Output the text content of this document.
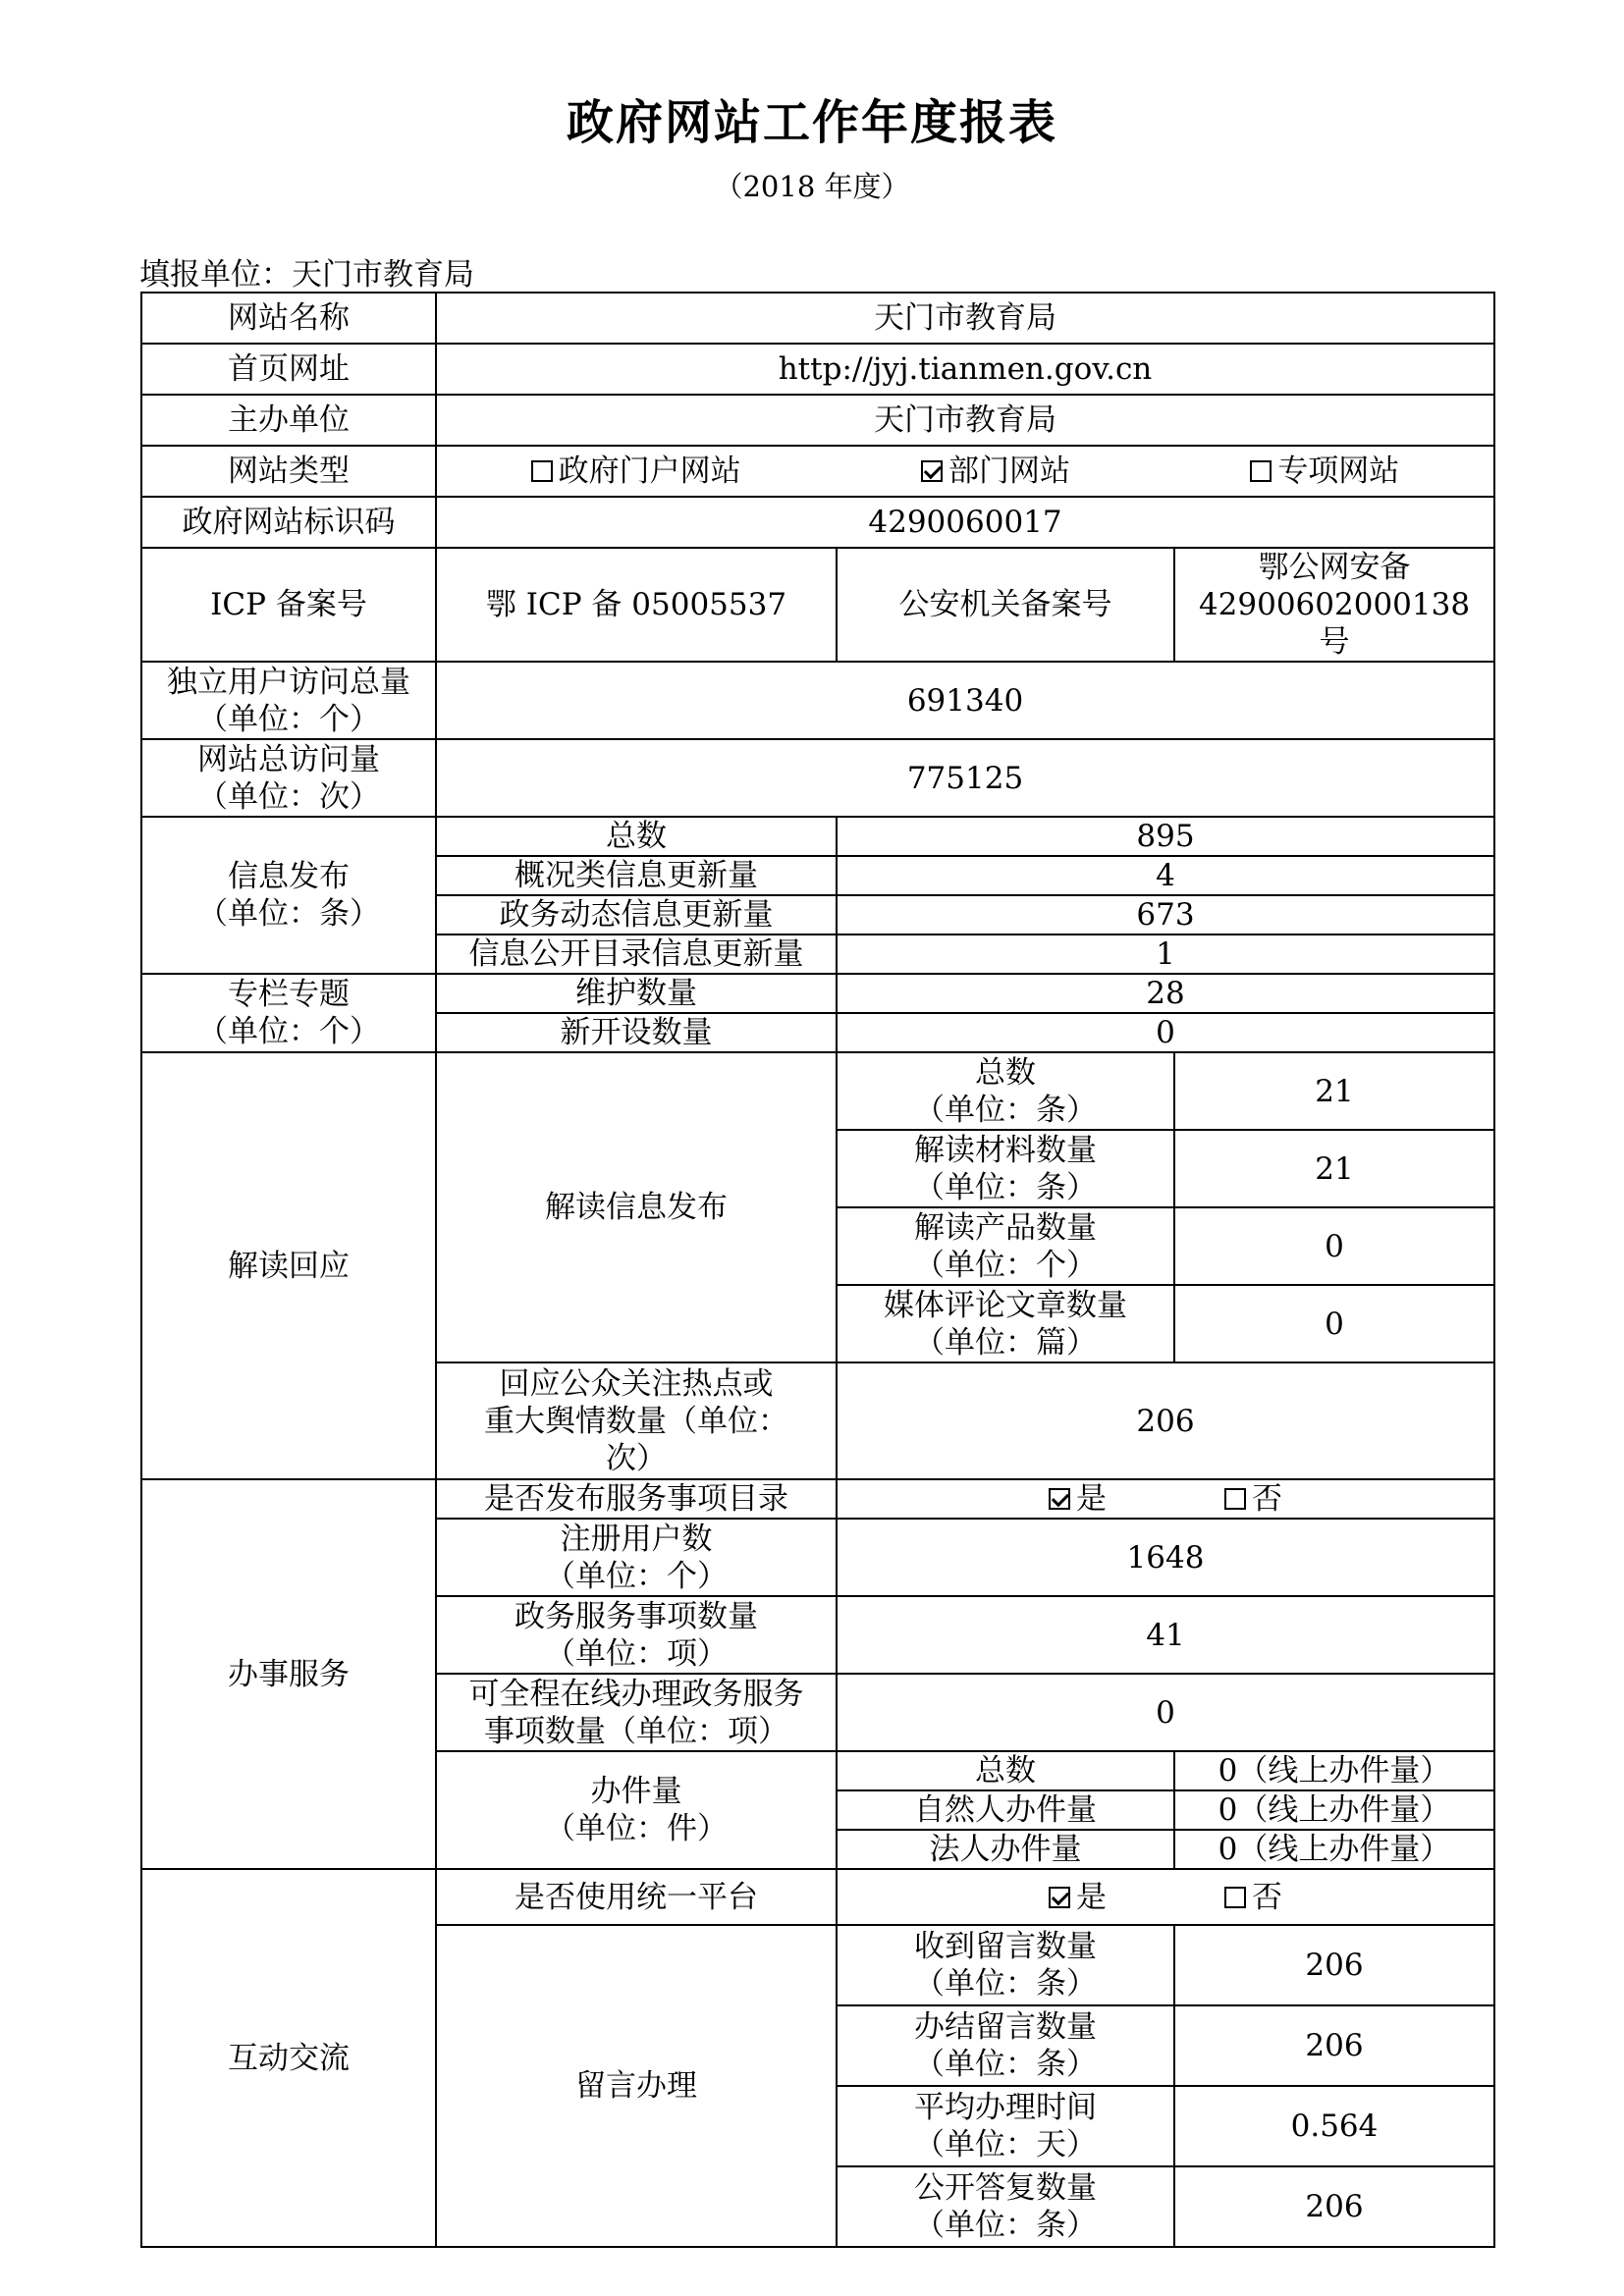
政府网站工作年度报表
（2018 年度）
填报单位：天门市教育局
网站名称	天门市教育局		
首页网址	http://jyj.tianmen.gov.cn		
主办单位	天门市教育局		
网站类型	政府门户网站 部门网站 专项网站		

政府网站标识码	4290060017		
ICP 备案号	鄂 ICP 备 05005537	公安机关备案号	鄂公网安备
42900602000138 号

独立用户访问总量
（单位：个）	691340		

网站总访问量
（单位：次）	775125		

信息发布
（单位：条）	总数	895	
	概况类信息更新量	4	
	政务动态信息更新量	673	
	信息公开目录信息更新量	1	

专栏专题
（单位：个）	维护数量	28	
	新开设数量	0	
解读回应	解读信息发布	总数
（单位：条）	21

		解读材料数量
（单位：条）	21

		解读产品数量
（单位：个）	0

		媒体评论文章数量
（单位：篇）	0

	回应公众关注热点或
重大舆情数量（单位：
次）	206	
办事服务	是否发布服务事项目录	是 否	

	注册用户数
（单位：个）	1648	

	政务服务事项数量
（单位：项）	41	

	可全程在线办理政务服务
事项数量（单位：项）	0	

	办件量
（单位：件）	总数	0（线上办件量）
		自然人办件量	0（线上办件量）
		法人办件量	0（线上办件量）
互动交流	是否使用统一平台	是 否	

	留言办理	收到留言数量
（单位：条）	206

		办结留言数量
（单位：条）	206

		平均办理时间
（单位：天）	0.564

		公开答复数量
（单位：条）	206
